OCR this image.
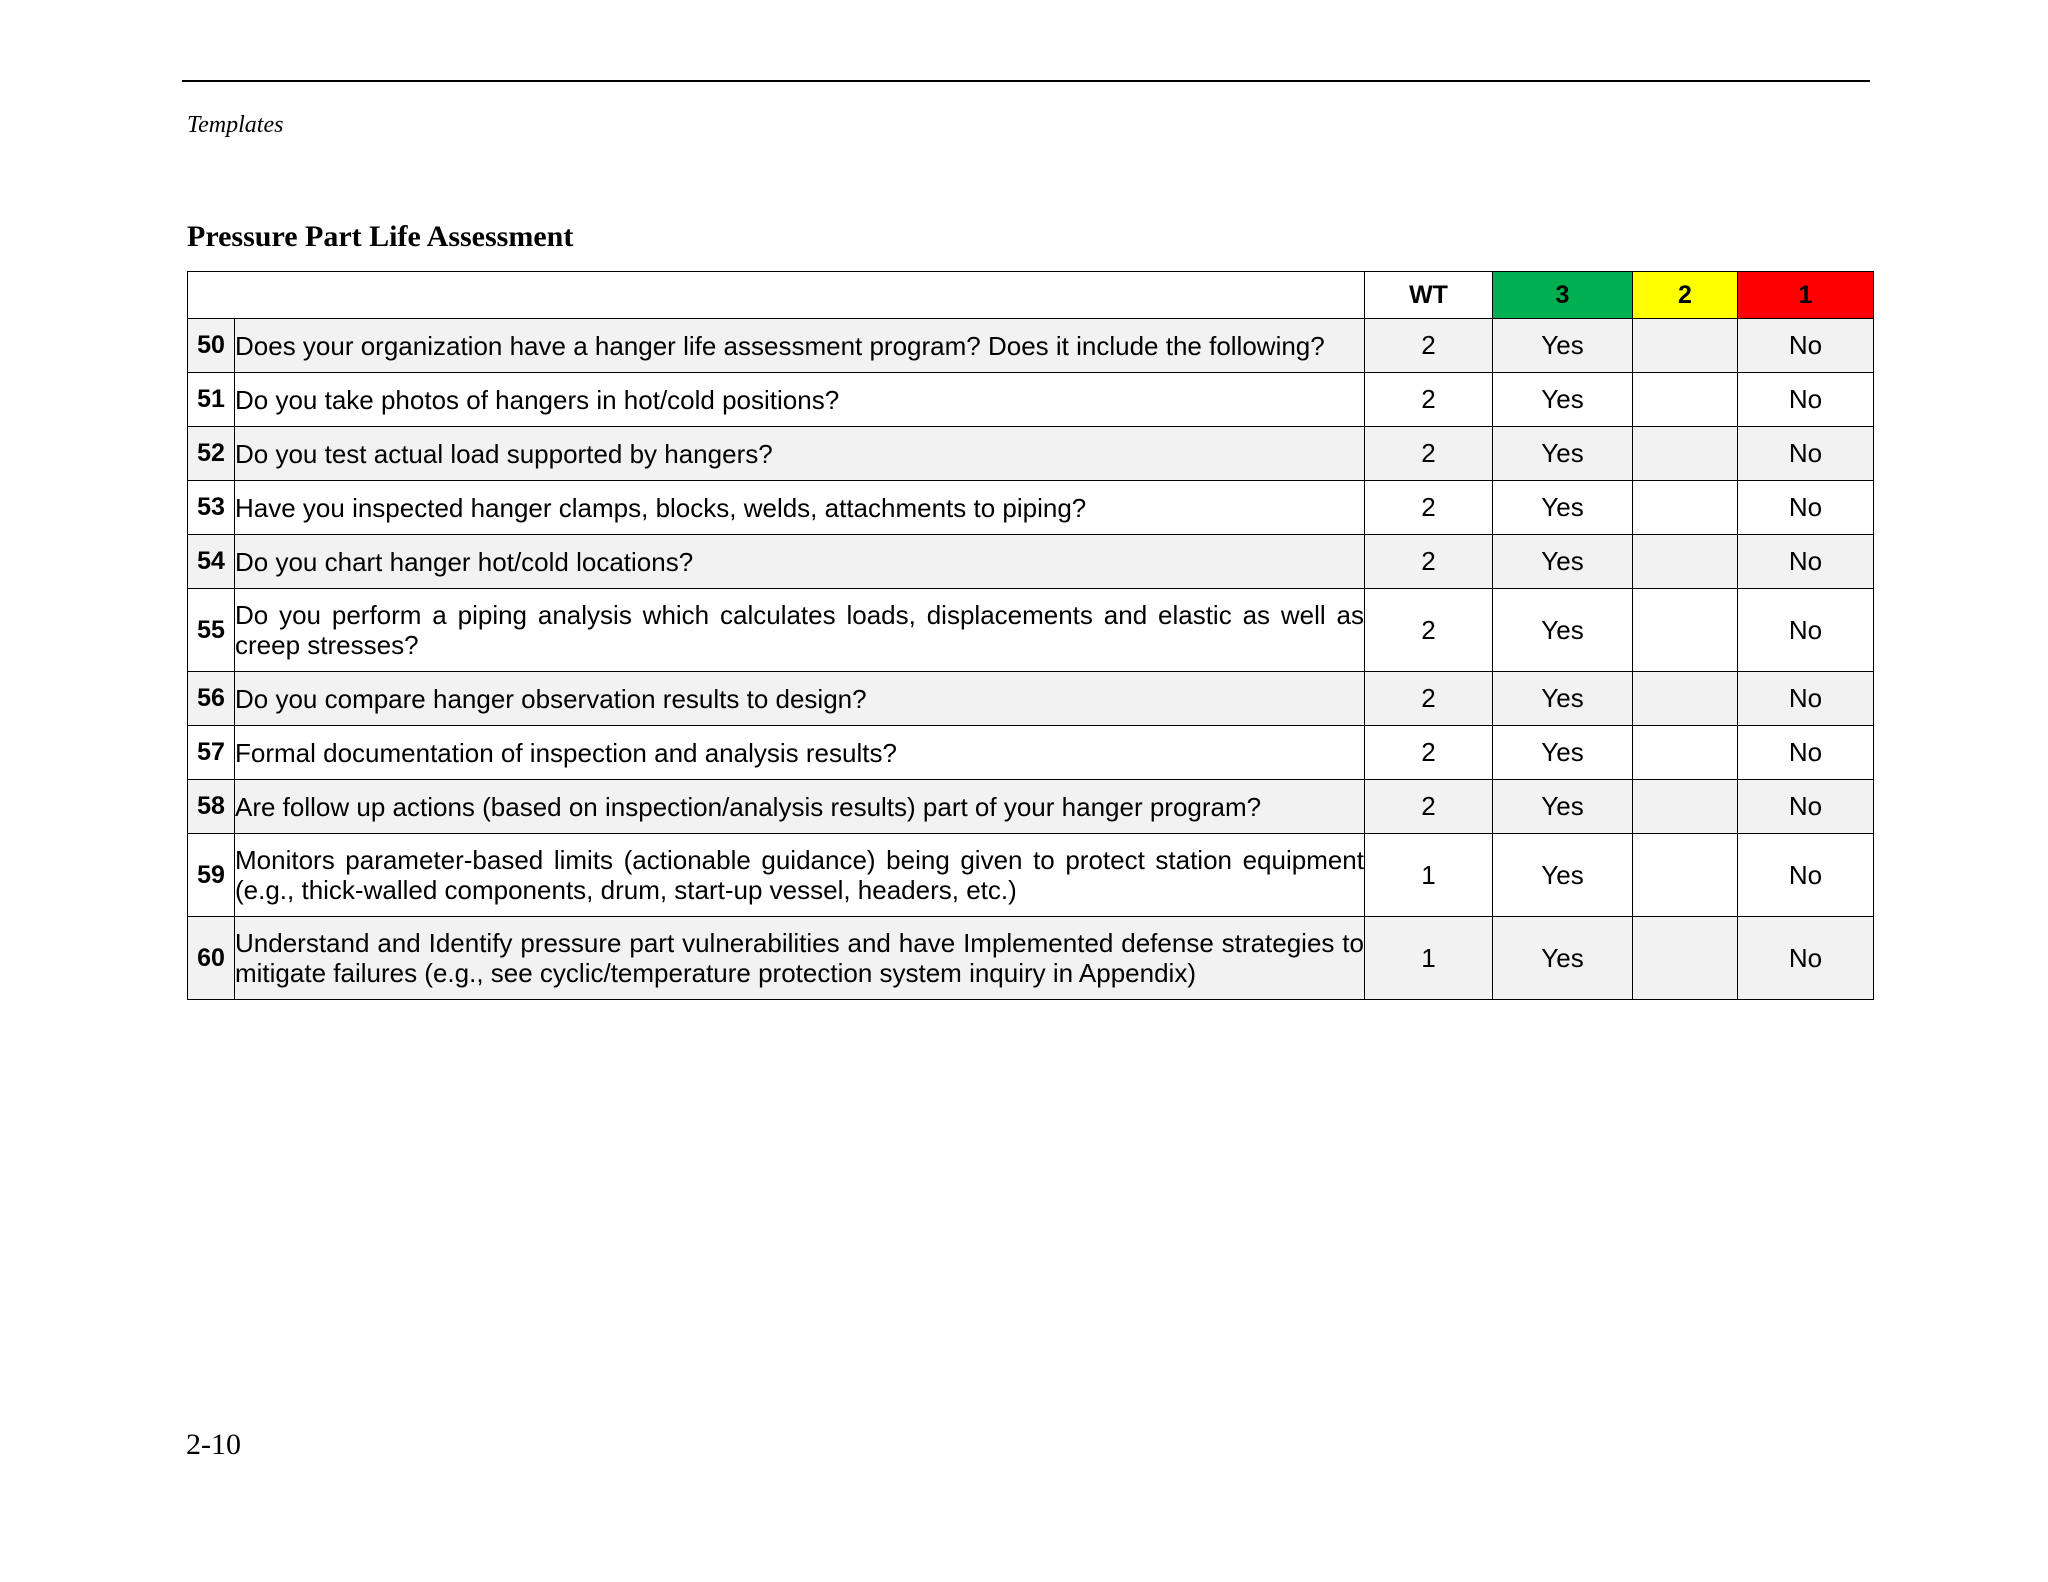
Templates
Pressure Part Life Assessment
		WT	3	2	1
50	Does your organization have a hanger life assessment program? Does it include the following?	2	Yes		No
51	Do you take photos of hangers in hot/cold positions?	2	Yes		No
52	Do you test actual load supported by hangers?	2	Yes		No
53	Have you inspected hanger clamps, blocks, welds, attachments to piping?	2	Yes		No
54	Do you chart hanger hot/cold locations?	2	Yes		No
55	Do you perform a piping analysis which calculates loads, displacements and elastic as well as creep stresses?	2	Yes		No
56	Do you compare hanger observation results to design?	2	Yes		No
57	Formal documentation of inspection and analysis results?	2	Yes		No
58	Are follow up actions (based on inspection/analysis results) part of your hanger program?	2	Yes		No
59	Monitors parameter-based limits (actionable guidance) being given to protect station equipment (e.g., thick-walled components, drum, start-up vessel, headers, etc.)	1	Yes		No
60	Understand and Identify pressure part vulnerabilities and have Implemented defense strategies to mitigate failures (e.g., see cyclic/temperature protection system inquiry in Appendix)	1	Yes		No
2-10
